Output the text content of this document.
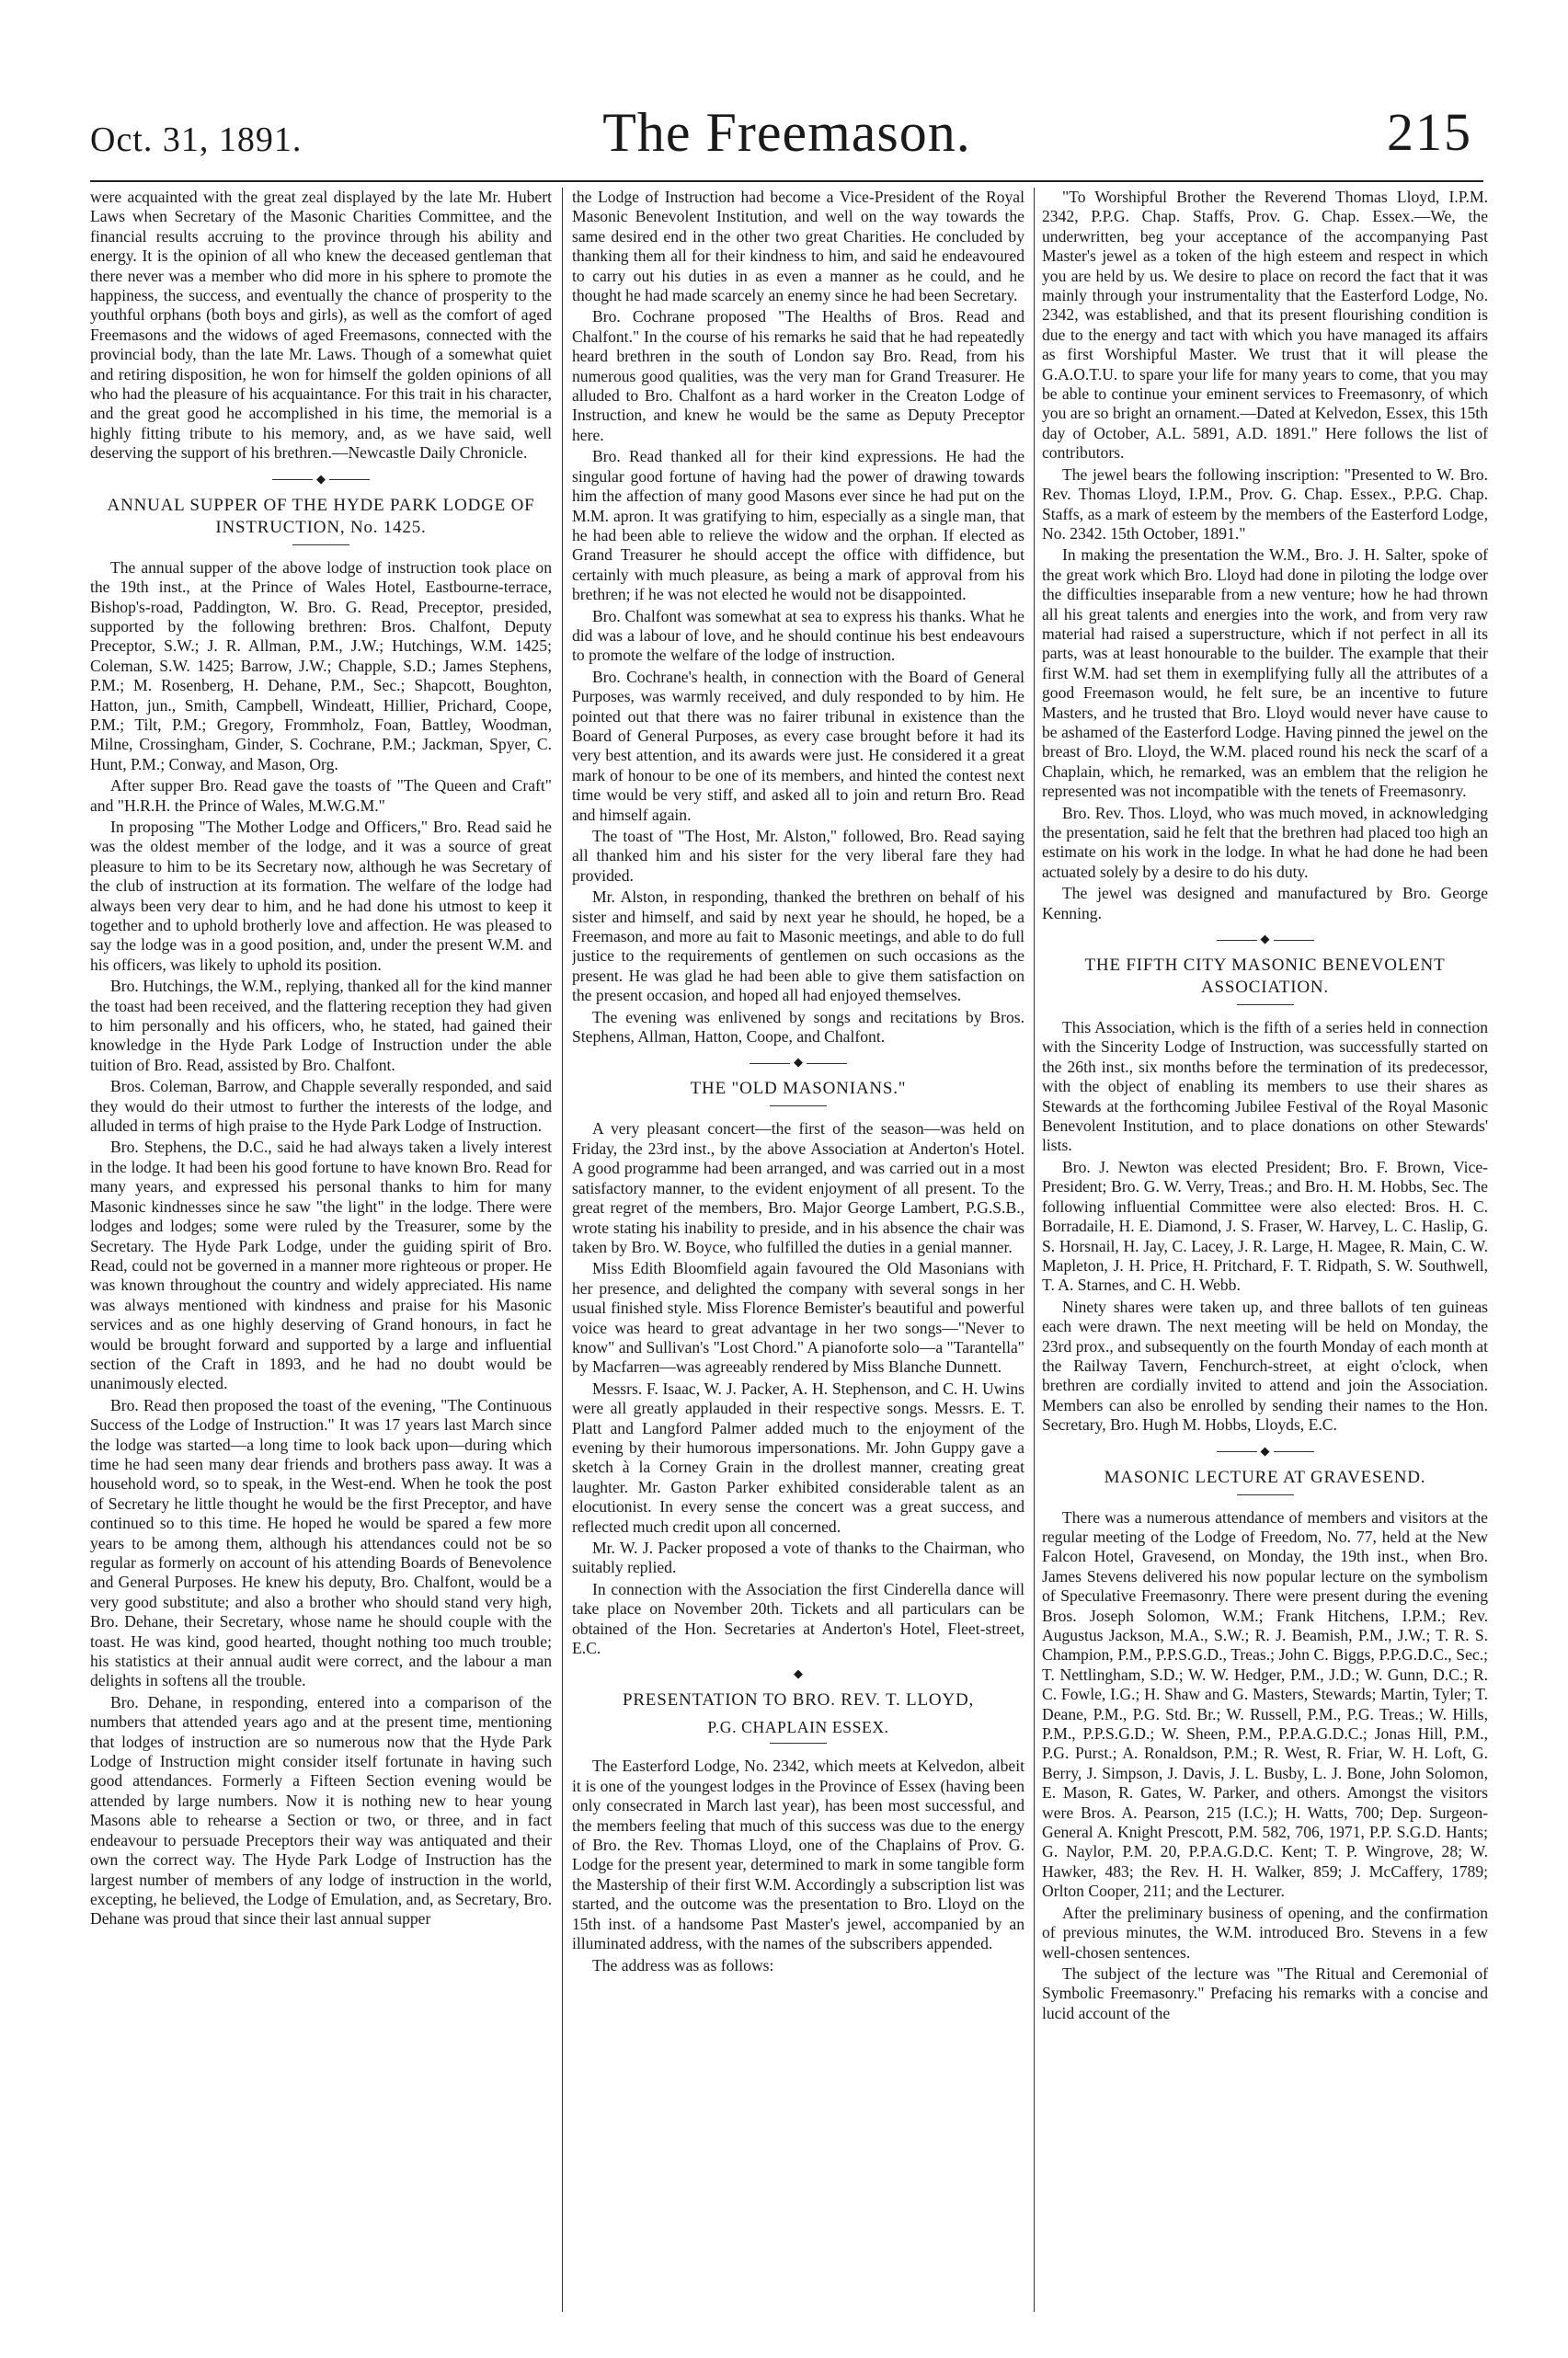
Oct. 31, 1891.	The Freemason.	215

were acquainted with the great zeal displayed by the late Mr. Hubert Laws when Secretary of the Masonic Charities Committee, and the financial results accruing to the province through his ability and energy. It is the opinion of all who knew the deceased gentleman that there never was a member who did more in his sphere to promote the happiness, the success, and eventually the chance of prosperity to the youthful orphans (both boys and girls), as well as the comfort of aged Freemasons and the widows of aged Freemasons, connected with the provincial body, than the late Mr. Laws. Though of a somewhat quiet and retiring disposition, he won for himself the golden opinions of all who had the pleasure of his acquaintance. For this trait in his character, and the great good he accomplished in his time, the memorial is a highly fitting tribute to his memory, and, as we have said, well deserving the support of his brethren.—Newcastle Daily Chronicle.

◆
ANNUAL SUPPER OF THE HYDE PARK LODGE OF INSTRUCTION, No. 1425.

The annual supper of the above lodge of instruction took place on the 19th inst., at the Prince of Wales Hotel, Eastbourne-terrace, Bishop's-road, Paddington, W. Bro. G. Read, Preceptor, presided, supported by the following brethren: Bros. Chalfont, Deputy Preceptor, S.W.; J. R. Allman, P.M., J.W.; Hutchings, W.M. 1425; Coleman, S.W. 1425; Barrow, J.W.; Chapple, S.D.; James Stephens, P.M.; M. Rosenberg, H. Dehane, P.M., Sec.; Shapcott, Boughton, Hatton, jun., Smith, Campbell, Windeatt, Hillier, Prichard, Coope, P.M.; Tilt, P.M.; Gregory, Frommholz, Foan, Battley, Woodman, Milne, Crossingham, Ginder, S. Cochrane, P.M.; Jackman, Spyer, C. Hunt, P.M.; Conway, and Mason, Org.

After supper Bro. Read gave the toasts of "The Queen and Craft" and "H.R.H. the Prince of Wales, M.W.G.M."

In proposing "The Mother Lodge and Officers," Bro. Read said he was the oldest member of the lodge, and it was a source of great pleasure to him to be its Secretary now, although he was Secretary of the club of instruction at its formation. The welfare of the lodge had always been very dear to him, and he had done his utmost to keep it together and to uphold brotherly love and affection. He was pleased to say the lodge was in a good position, and, under the present W.M. and his officers, was likely to uphold its position.

Bro. Hutchings, the W.M., replying, thanked all for the kind manner the toast had been received, and the flattering reception they had given to him personally and his officers, who, he stated, had gained their knowledge in the Hyde Park Lodge of Instruction under the able tuition of Bro. Read, assisted by Bro. Chalfont.

Bros. Coleman, Barrow, and Chapple severally responded, and said they would do their utmost to further the interests of the lodge, and alluded in terms of high praise to the Hyde Park Lodge of Instruction.

Bro. Stephens, the D.C., said he had always taken a lively interest in the lodge. It had been his good fortune to have known Bro. Read for many years, and expressed his personal thanks to him for many Masonic kindnesses since he saw "the light" in the lodge. There were lodges and lodges; some were ruled by the Treasurer, some by the Secretary. The Hyde Park Lodge, under the guiding spirit of Bro. Read, could not be governed in a manner more righteous or proper. He was known throughout the country and widely appreciated. His name was always mentioned with kindness and praise for his Masonic services and as one highly deserving of Grand honours, in fact he would be brought forward and supported by a large and influential section of the Craft in 1893, and he had no doubt would be unanimously elected.

Bro. Read then proposed the toast of the evening, "The Continuous Success of the Lodge of Instruction." It was 17 years last March since the lodge was started—a long time to look back upon—during which time he had seen many dear friends and brothers pass away. It was a household word, so to speak, in the West-end. When he took the post of Secretary he little thought he would be the first Preceptor, and have continued so to this time. He hoped he would be spared a few more years to be among them, although his attendances could not be so regular as formerly on account of his attending Boards of Benevolence and General Purposes. He knew his deputy, Bro. Chalfont, would be a very good substitute; and also a brother who should stand very high, Bro. Dehane, their Secretary, whose name he should couple with the toast. He was kind, good hearted, thought nothing too much trouble; his statistics at their annual audit were correct, and the labour a man delights in softens all the trouble.

Bro. Dehane, in responding, entered into a comparison of the numbers that attended years ago and at the present time, mentioning that lodges of instruction are so numerous now that the Hyde Park Lodge of Instruction might consider itself fortunate in having such good attendances. Formerly a Fifteen Section evening would be attended by large numbers. Now it is nothing new to hear young Masons able to rehearse a Section or two, or three, and in fact endeavour to persuade Preceptors their way was antiquated and their own the correct way. The Hyde Park Lodge of Instruction has the largest number of members of any lodge of instruction in the world, excepting, he believed, the Lodge of Emulation, and, as Secretary, Bro. Dehane was proud that since their last annual supper

the Lodge of Instruction had become a Vice-President of the Royal Masonic Benevolent Institution, and well on the way towards the same desired end in the other two great Charities. He concluded by thanking them all for their kindness to him, and said he endeavoured to carry out his duties in as even a manner as he could, and he thought he had made scarcely an enemy since he had been Secretary.

Bro. Cochrane proposed "The Healths of Bros. Read and Chalfont." In the course of his remarks he said that he had repeatedly heard brethren in the south of London say Bro. Read, from his numerous good qualities, was the very man for Grand Treasurer. He alluded to Bro. Chalfont as a hard worker in the Creaton Lodge of Instruction, and knew he would be the same as Deputy Preceptor here.

Bro. Read thanked all for their kind expressions. He had the singular good fortune of having had the power of drawing towards him the affection of many good Masons ever since he had put on the M.M. apron. It was gratifying to him, especially as a single man, that he had been able to relieve the widow and the orphan. If elected as Grand Treasurer he should accept the office with diffidence, but certainly with much pleasure, as being a mark of approval from his brethren; if he was not elected he would not be disappointed.

Bro. Chalfont was somewhat at sea to express his thanks. What he did was a labour of love, and he should continue his best endeavours to promote the welfare of the lodge of instruction.

Bro. Cochrane's health, in connection with the Board of General Purposes, was warmly received, and duly responded to by him. He pointed out that there was no fairer tribunal in existence than the Board of General Purposes, as every case brought before it had its very best attention, and its awards were just. He considered it a great mark of honour to be one of its members, and hinted the contest next time would be very stiff, and asked all to join and return Bro. Read and himself again.

The toast of "The Host, Mr. Alston," followed, Bro. Read saying all thanked him and his sister for the very liberal fare they had provided.

Mr. Alston, in responding, thanked the brethren on behalf of his sister and himself, and said by next year he should, he hoped, be a Freemason, and more au fait to Masonic meetings, and able to do full justice to the requirements of gentlemen on such occasions as the present. He was glad he had been able to give them satisfaction on the present occasion, and hoped all had enjoyed themselves.

The evening was enlivened by songs and recitations by Bros. Stephens, Allman, Hatton, Coope, and Chalfont.

◆
THE "OLD MASONIANS."

A very pleasant concert—the first of the season—was held on Friday, the 23rd inst., by the above Association at Anderton's Hotel. A good programme had been arranged, and was carried out in a most satisfactory manner, to the evident enjoyment of all present. To the great regret of the members, Bro. Major George Lambert, P.G.S.B., wrote stating his inability to preside, and in his absence the chair was taken by Bro. W. Boyce, who fulfilled the duties in a genial manner.

Miss Edith Bloomfield again favoured the Old Masonians with her presence, and delighted the company with several songs in her usual finished style. Miss Florence Bemister's beautiful and powerful voice was heard to great advantage in her two songs—"Never to know" and Sullivan's "Lost Chord." A pianoforte solo—a "Tarantella" by Macfarren—was agreeably rendered by Miss Blanche Dunnett.

Messrs. F. Isaac, W. J. Packer, A. H. Stephenson, and C. H. Uwins were all greatly applauded in their respective songs. Messrs. E. T. Platt and Langford Palmer added much to the enjoyment of the evening by their humorous impersonations. Mr. John Guppy gave a sketch à la Corney Grain in the drollest manner, creating great laughter. Mr. Gaston Parker exhibited considerable talent as an elocutionist. In every sense the concert was a great success, and reflected much credit upon all concerned.

Mr. W. J. Packer proposed a vote of thanks to the Chairman, who suitably replied.

In connection with the Association the first Cinderella dance will take place on November 20th. Tickets and all particulars can be obtained of the Hon. Secretaries at Anderton's Hotel, Fleet-street, E.C.

◆
PRESENTATION TO BRO. REV. T. LLOYD,
P.G. CHAPLAIN ESSEX.

The Easterford Lodge, No. 2342, which meets at Kelvedon, albeit it is one of the youngest lodges in the Province of Essex (having been only consecrated in March last year), has been most successful, and the members feeling that much of this success was due to the energy of Bro. the Rev. Thomas Lloyd, one of the Chaplains of Prov. G. Lodge for the present year, determined to mark in some tangible form the Mastership of their first W.M. Accordingly a subscription list was started, and the outcome was the presentation to Bro. Lloyd on the 15th inst. of a handsome Past Master's jewel, accompanied by an illuminated address, with the names of the subscribers appended.

The address was as follows:

"To Worshipful Brother the Reverend Thomas Lloyd, I.P.M. 2342, P.P.G. Chap. Staffs, Prov. G. Chap. Essex.—We, the underwritten, beg your acceptance of the accompanying Past Master's jewel as a token of the high esteem and respect in which you are held by us. We desire to place on record the fact that it was mainly through your instrumentality that the Easterford Lodge, No. 2342, was established, and that its present flourishing condition is due to the energy and tact with which you have managed its affairs as first Worshipful Master. We trust that it will please the G.A.O.T.U. to spare your life for many years to come, that you may be able to continue your eminent services to Freemasonry, of which you are so bright an ornament.—Dated at Kelvedon, Essex, this 15th day of October, A.L. 5891, A.D. 1891." Here follows the list of contributors.

The jewel bears the following inscription: "Presented to W. Bro. Rev. Thomas Lloyd, I.P.M., Prov. G. Chap. Essex., P.P.G. Chap. Staffs, as a mark of esteem by the members of the Easterford Lodge, No. 2342. 15th October, 1891."

In making the presentation the W.M., Bro. J. H. Salter, spoke of the great work which Bro. Lloyd had done in piloting the lodge over the difficulties inseparable from a new venture; how he had thrown all his great talents and energies into the work, and from very raw material had raised a superstructure, which if not perfect in all its parts, was at least honourable to the builder. The example that their first W.M. had set them in exemplifying fully all the attributes of a good Freemason would, he felt sure, be an incentive to future Masters, and he trusted that Bro. Lloyd would never have cause to be ashamed of the Easterford Lodge. Having pinned the jewel on the breast of Bro. Lloyd, the W.M. placed round his neck the scarf of a Chaplain, which, he remarked, was an emblem that the religion he represented was not incompatible with the tenets of Freemasonry.

Bro. Rev. Thos. Lloyd, who was much moved, in acknowledging the presentation, said he felt that the brethren had placed too high an estimate on his work in the lodge. In what he had done he had been actuated solely by a desire to do his duty.

The jewel was designed and manufactured by Bro. George Kenning.

◆
THE FIFTH CITY MASONIC BENEVOLENT ASSOCIATION.

This Association, which is the fifth of a series held in connection with the Sincerity Lodge of Instruction, was successfully started on the 26th inst., six months before the termination of its predecessor, with the object of enabling its members to use their shares as Stewards at the forthcoming Jubilee Festival of the Royal Masonic Benevolent Institution, and to place donations on other Stewards' lists.

Bro. J. Newton was elected President; Bro. F. Brown, Vice-President; Bro. G. W. Verry, Treas.; and Bro. H. M. Hobbs, Sec. The following influential Committee were also elected: Bros. H. C. Borradaile, H. E. Diamond, J. S. Fraser, W. Harvey, L. C. Haslip, G. S. Horsnail, H. Jay, C. Lacey, J. R. Large, H. Magee, R. Main, C. W. Mapleton, J. H. Price, H. Pritchard, F. T. Ridpath, S. W. Southwell, T. A. Starnes, and C. H. Webb.

Ninety shares were taken up, and three ballots of ten guineas each were drawn. The next meeting will be held on Monday, the 23rd prox., and subsequently on the fourth Monday of each month at the Railway Tavern, Fenchurch-street, at eight o'clock, when brethren are cordially invited to attend and join the Association. Members can also be enrolled by sending their names to the Hon. Secretary, Bro. Hugh M. Hobbs, Lloyds, E.C.

◆
MASONIC LECTURE AT GRAVESEND.

There was a numerous attendance of members and visitors at the regular meeting of the Lodge of Freedom, No. 77, held at the New Falcon Hotel, Gravesend, on Monday, the 19th inst., when Bro. James Stevens delivered his now popular lecture on the symbolism of Speculative Freemasonry. There were present during the evening Bros. Joseph Solomon, W.M.; Frank Hitchens, I.P.M.; Rev. Augustus Jackson, M.A., S.W.; R. J. Beamish, P.M., J.W.; T. R. S. Champion, P.M., P.P.S.G.D., Treas.; John C. Biggs, P.P.G.D.C., Sec.; T. Nettlingham, S.D.; W. W. Hedger, P.M., J.D.; W. Gunn, D.C.; R. C. Fowle, I.G.; H. Shaw and G. Masters, Stewards; Martin, Tyler; T. Deane, P.M., P.G. Std. Br.; W. Russell, P.M., P.G. Treas.; W. Hills, P.M., P.P.S.G.D.; W. Sheen, P.M., P.P.A.G.D.C.; Jonas Hill, P.M., P.G. Purst.; A. Ronaldson, P.M.; R. West, R. Friar, W. H. Loft, G. Berry, J. Simpson, J. Davis, J. L. Busby, L. J. Bone, John Solomon, E. Mason, R. Gates, W. Parker, and others. Amongst the visitors were Bros. A. Pearson, 215 (I.C.); H. Watts, 700; Dep. Surgeon-General A. Knight Prescott, P.M. 582, 706, 1971, P.P. S.G.D. Hants; G. Naylor, P.M. 20, P.P.A.G.D.C. Kent; T. P. Wingrove, 28; W. Hawker, 483; the Rev. H. H. Walker, 859; J. McCaffery, 1789; Orlton Cooper, 211; and the Lecturer.

After the preliminary business of opening, and the confirmation of previous minutes, the W.M. introduced Bro. Stevens in a few well-chosen sentences.

The subject of the lecture was "The Ritual and Ceremonial of Symbolic Freemasonry." Prefacing his remarks with a concise and lucid account of the
